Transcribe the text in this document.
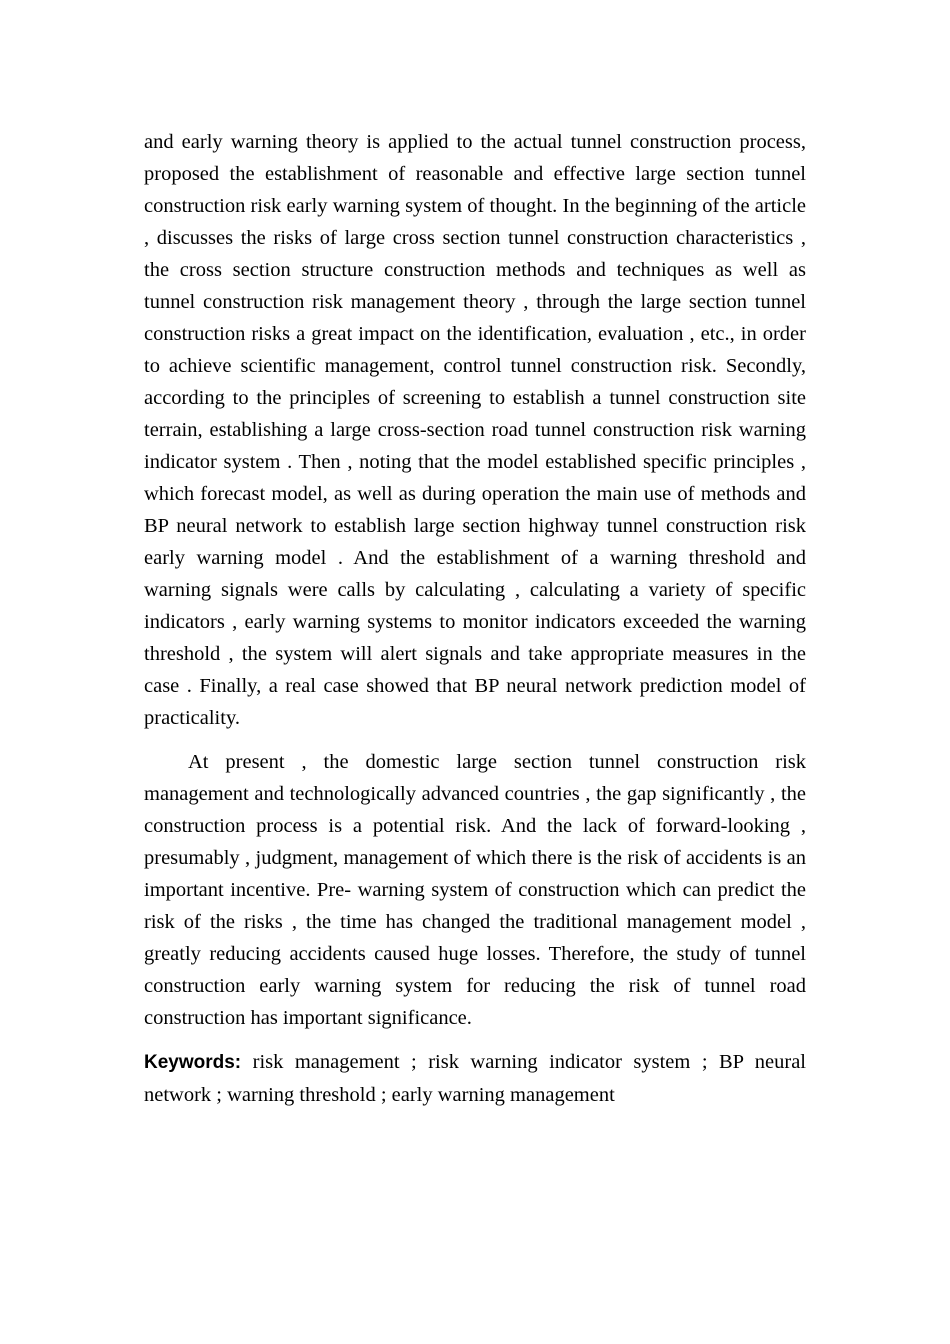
and early warning theory is applied to the actual tunnel construction process, proposed the establishment of reasonable and effective large section tunnel construction risk early warning system of thought. In the beginning of the article , discusses the risks of large cross section tunnel construction characteristics , the cross section structure construction methods and techniques as well as tunnel construction risk management theory , through the large section tunnel construction risks a great impact on the identification, evaluation , etc., in order to achieve scientific management, control tunnel construction risk. Secondly, according to the principles of screening to establish a tunnel construction site terrain, establishing a large cross-section road tunnel construction risk warning indicator system . Then , noting that the model established specific principles , which forecast model, as well as during operation the main use of methods and BP neural network to establish large section highway tunnel construction risk early warning model . And the establishment of a warning threshold and warning signals were calls by calculating , calculating a variety of specific indicators , early warning systems to monitor indicators exceeded the warning threshold , the system will alert signals and take appropriate measures in the case . Finally, a real case showed that BP neural network prediction model of practicality.

At present , the domestic large section tunnel construction risk management and technologically advanced countries , the gap significantly , the construction process is a potential risk. And the lack of forward-looking , presumably , judgment, management of which there is the risk of accidents is an important incentive. Pre- warning system of construction which can predict the risk of the risks , the time has changed the traditional management model , greatly reducing accidents caused huge losses. Therefore, the study of tunnel construction early warning system for reducing the risk of tunnel road construction has important significance.

Keywords: risk management ; risk warning indicator system ; BP neural network ; warning threshold ; early warning management
